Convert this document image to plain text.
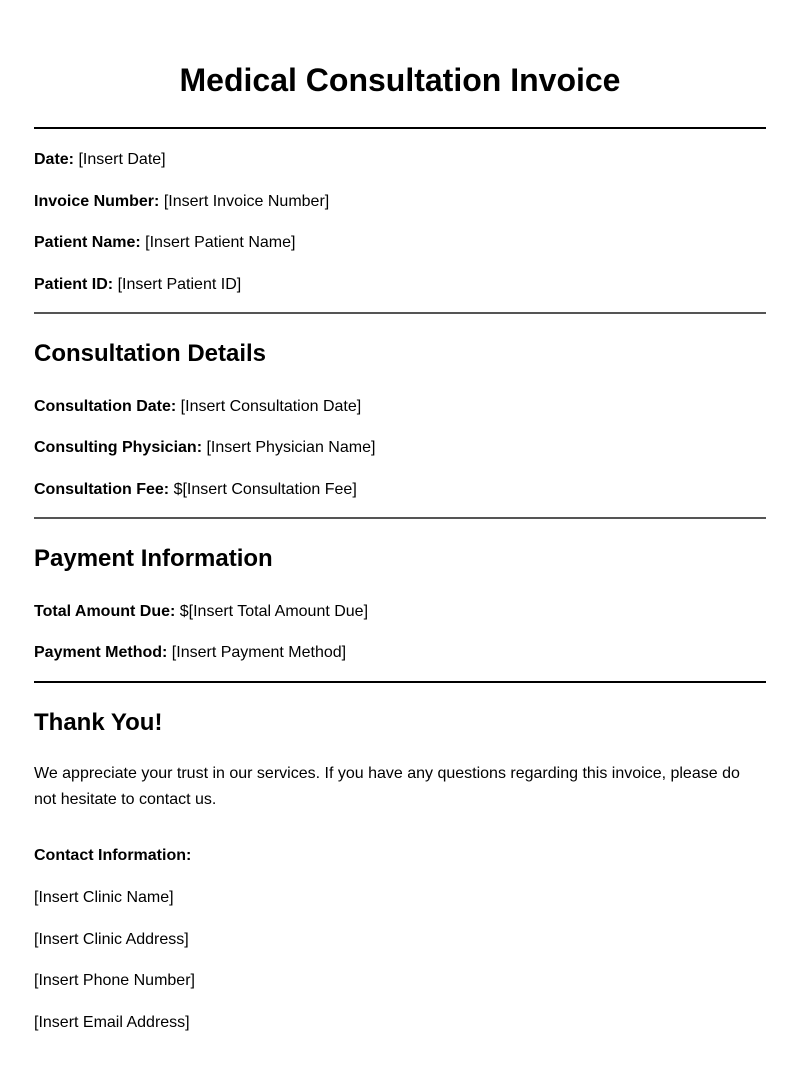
Medical Consultation Invoice

Date: [Insert Date]

Invoice Number: [Insert Invoice Number]

Patient Name: [Insert Patient Name]

Patient ID: [Insert Patient ID]

Consultation Details

Consultation Date: [Insert Consultation Date]

Consulting Physician: [Insert Physician Name]

Consultation Fee: $[Insert Consultation Fee]

Payment Information

Total Amount Due: $[Insert Total Amount Due]

Payment Method: [Insert Payment Method]

Thank You!

We appreciate your trust in our services. If you have any questions regarding this invoice, please do not hesitate to contact us.

Contact Information:

[Insert Clinic Name]

[Insert Clinic Address]

[Insert Phone Number]

[Insert Email Address]
